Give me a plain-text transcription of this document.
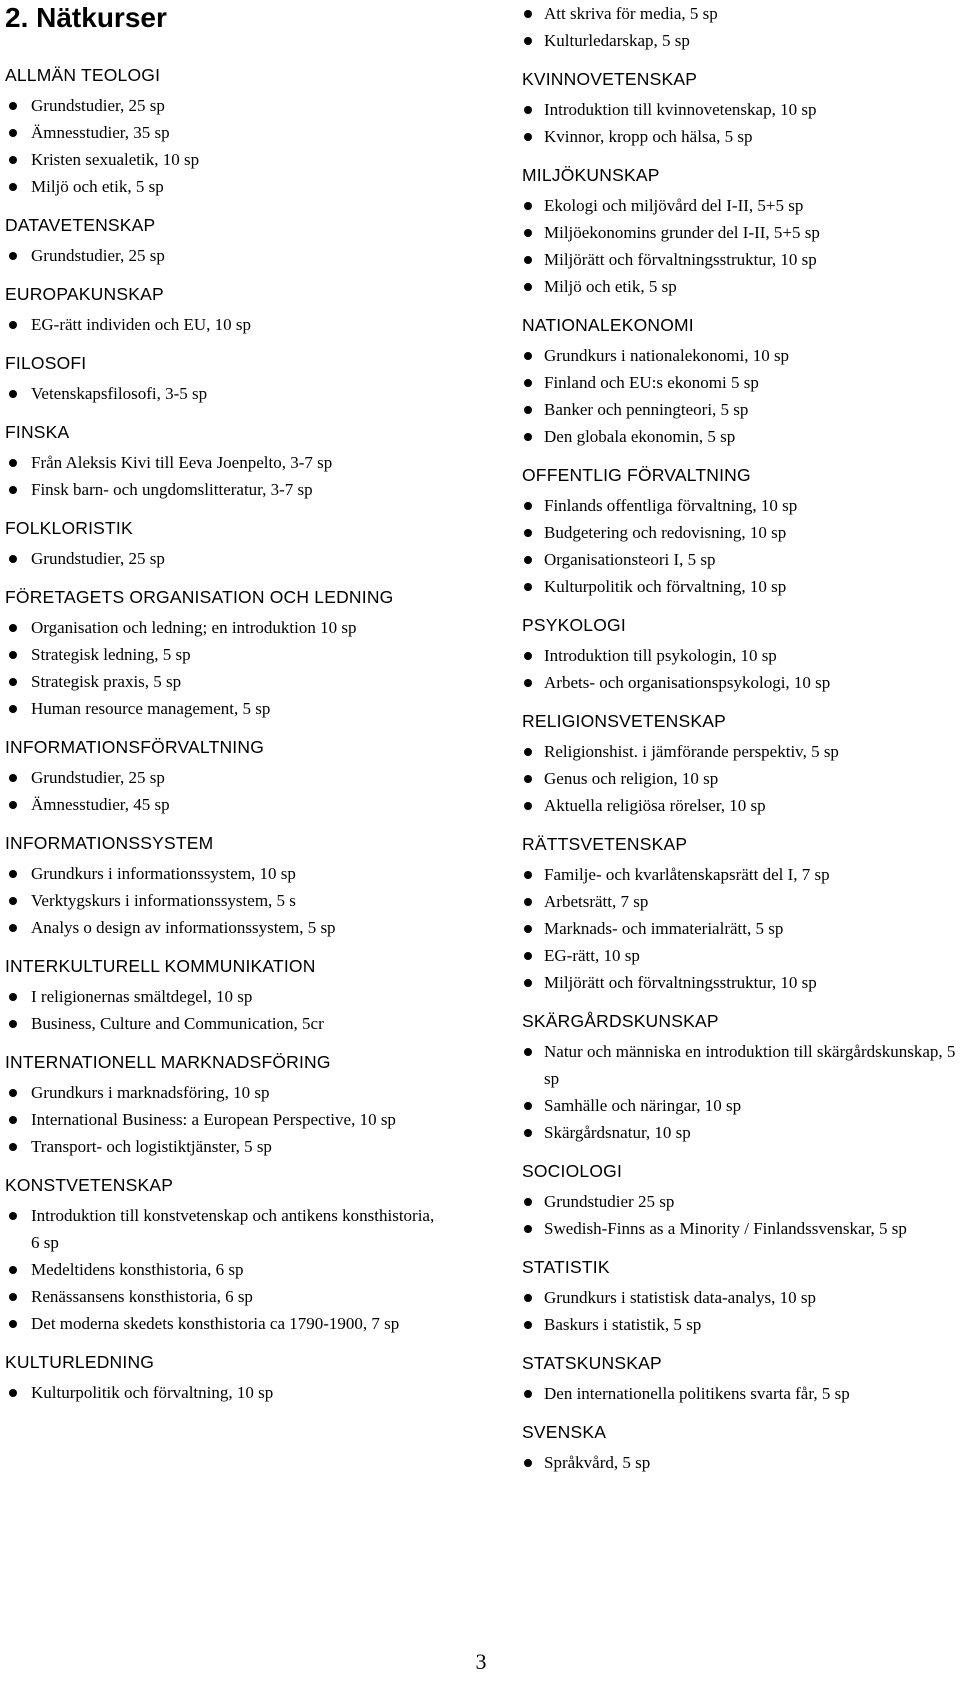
2. Nätkurser
ALLMÄN TEOLOGI
Grundstudier, 25 sp
Ämnesstudier, 35 sp
Kristen sexualetik, 10 sp
Miljö och etik, 5 sp
DATAVETENSKAP
Grundstudier, 25 sp
EUROPAKUNSKAP
EG-rätt individen och EU, 10 sp
FILOSOFI
Vetenskapsfilosofi, 3-5 sp
FINSKA
Från Aleksis Kivi till Eeva Joenpelto, 3-7 sp
Finsk barn- och ungdomslitteratur, 3-7 sp
FOLKLORISTIK
Grundstudier, 25 sp
FÖRETAGETS ORGANISATION OCH LEDNING
Organisation och ledning; en introduktion 10 sp
Strategisk ledning, 5 sp
Strategisk praxis, 5 sp
Human resource management, 5 sp
INFORMATIONSFÖRVALTNING
Grundstudier, 25 sp
Ämnesstudier, 45 sp
INFORMATIONSSYSTEM
Grundkurs i informationssystem, 10 sp
Verktygskurs i informationssystem, 5 s
Analys o design av informationssystem, 5 sp
INTERKULTURELL KOMMUNIKATION
I religionernas smältdegel, 10 sp
Business, Culture and Communication, 5cr
INTERNATIONELL MARKNADSFÖRING
Grundkurs i marknadsföring, 10 sp
International Business: a European Perspective, 10 sp
Transport- och logistiktjänster, 5 sp
KONSTVETENSKAP
Introduktion till konstvetenskap och antikens konsthistoria, 6 sp
Medeltidens konsthistoria, 6 sp
Renässansens konsthistoria, 6 sp
Det moderna skedets konsthistoria ca 1790-1900, 7 sp
KULTURLEDNING
Kulturpolitik och förvaltning, 10 sp
Att skriva för media, 5 sp
Kulturledarskap, 5 sp
KVINNOVETENSKAP
Introduktion till kvinnovetenskap, 10 sp
Kvinnor, kropp och hälsa, 5 sp
MILJÖKUNSKAP
Ekologi och miljövård del I-II, 5+5 sp
Miljöekonomins grunder del I-II, 5+5 sp
Miljörätt och förvaltningsstruktur, 10 sp
Miljö och etik, 5 sp
NATIONALEKONOMI
Grundkurs i nationalekonomi, 10 sp
Finland och EU:s ekonomi 5 sp
Banker och penningteori, 5 sp
Den globala ekonomin, 5 sp
OFFENTLIG FÖRVALTNING
Finlands offentliga förvaltning, 10 sp
Budgetering och redovisning, 10 sp
Organisationsteori I, 5 sp
Kulturpolitik och förvaltning, 10 sp
PSYKOLOGI
Introduktion till psykologin, 10 sp
Arbets- och organisationspsykologi, 10 sp
RELIGIONSVETENSKAP
Religionshist. i jämförande perspektiv, 5 sp
Genus och religion, 10 sp
Aktuella religiösa rörelser, 10 sp
RÄTTSVETENSKAP
Familje- och kvarlåtenskapsrätt del I, 7 sp
Arbetsrätt, 7 sp
Marknads- och immaterialrätt, 5 sp
EG-rätt, 10 sp
Miljörätt och förvaltningsstruktur, 10 sp
SKÄRGÅRDSKUNSKAP
Natur och människa en introduktion till skärgårdskunskap, 5 sp
Samhälle och näringar, 10 sp
Skärgårdsnatur, 10 sp
SOCIOLOGI
Grundstudier 25 sp
Swedish-Finns as a Minority / Finlandssvenskar, 5 sp
STATISTIK
Grundkurs i statistisk data-analys, 10 sp
Baskurs i statistik, 5 sp
STATSKUNSKAP
Den internationella politikens svarta får, 5 sp
SVENSKA
Språkvård, 5 sp
3
